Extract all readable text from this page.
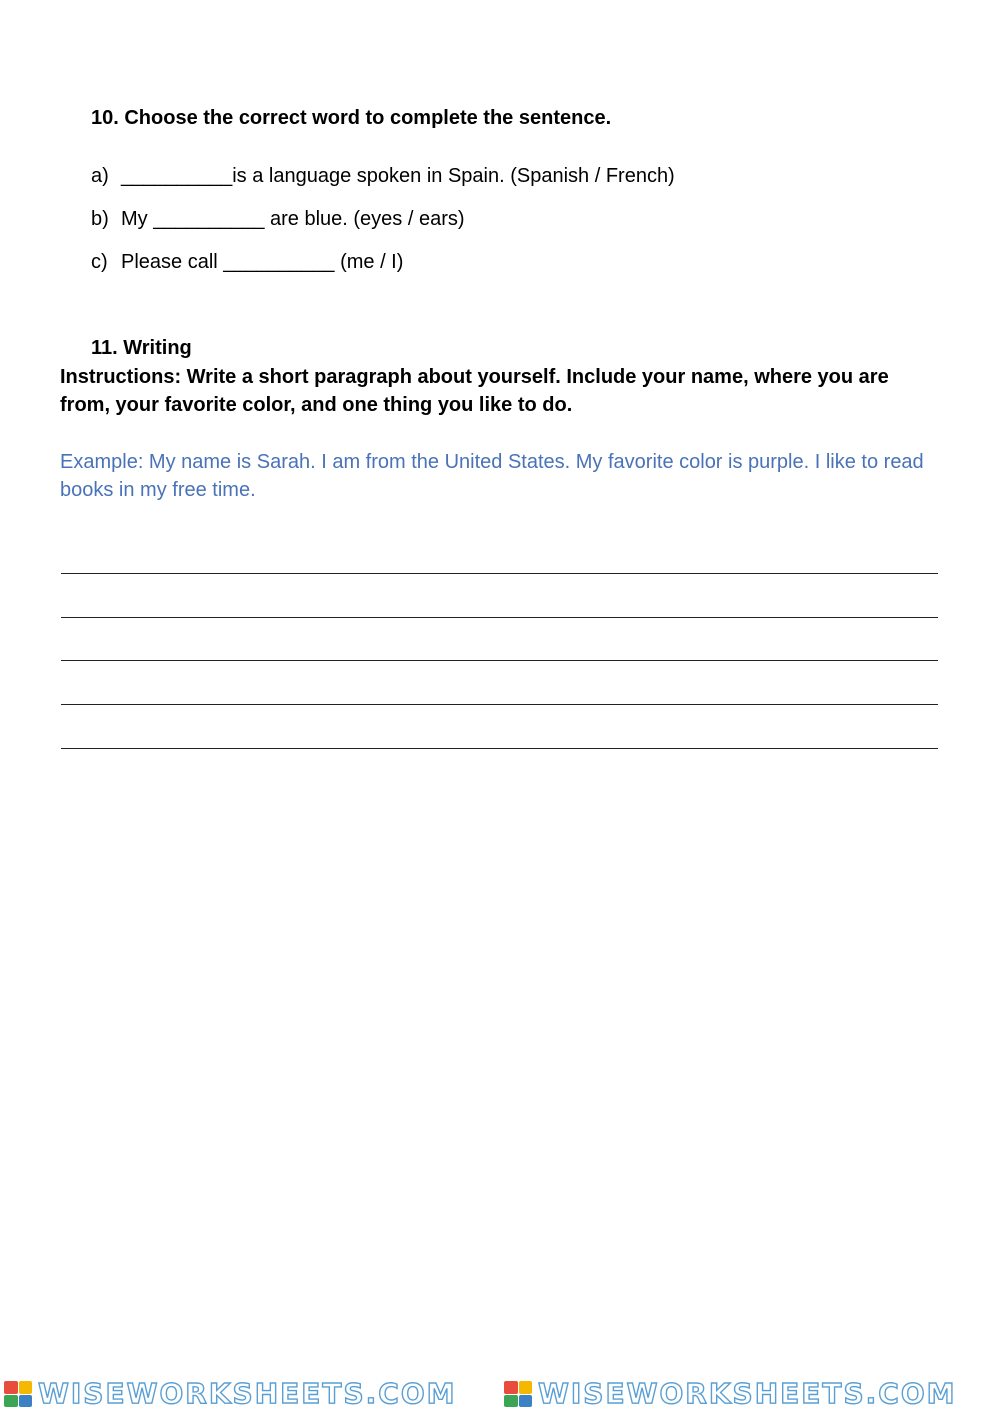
10. Choose the correct word to complete the sentence.

a) __________is a language spoken in Spain. (Spanish / French)
b) My __________ are blue. (eyes / ears)
c) Please call __________ (me / I)

11. Writing

Instructions: Write a short paragraph about yourself. Include your name, where you are from, your favorite color, and one thing you like to do.

Example: My name is Sarah. I am from the United States. My favorite color is purple. I like to read books in my free time.

WISEWORKSHEETS.COM	WISEWORKSHEETS.COM
